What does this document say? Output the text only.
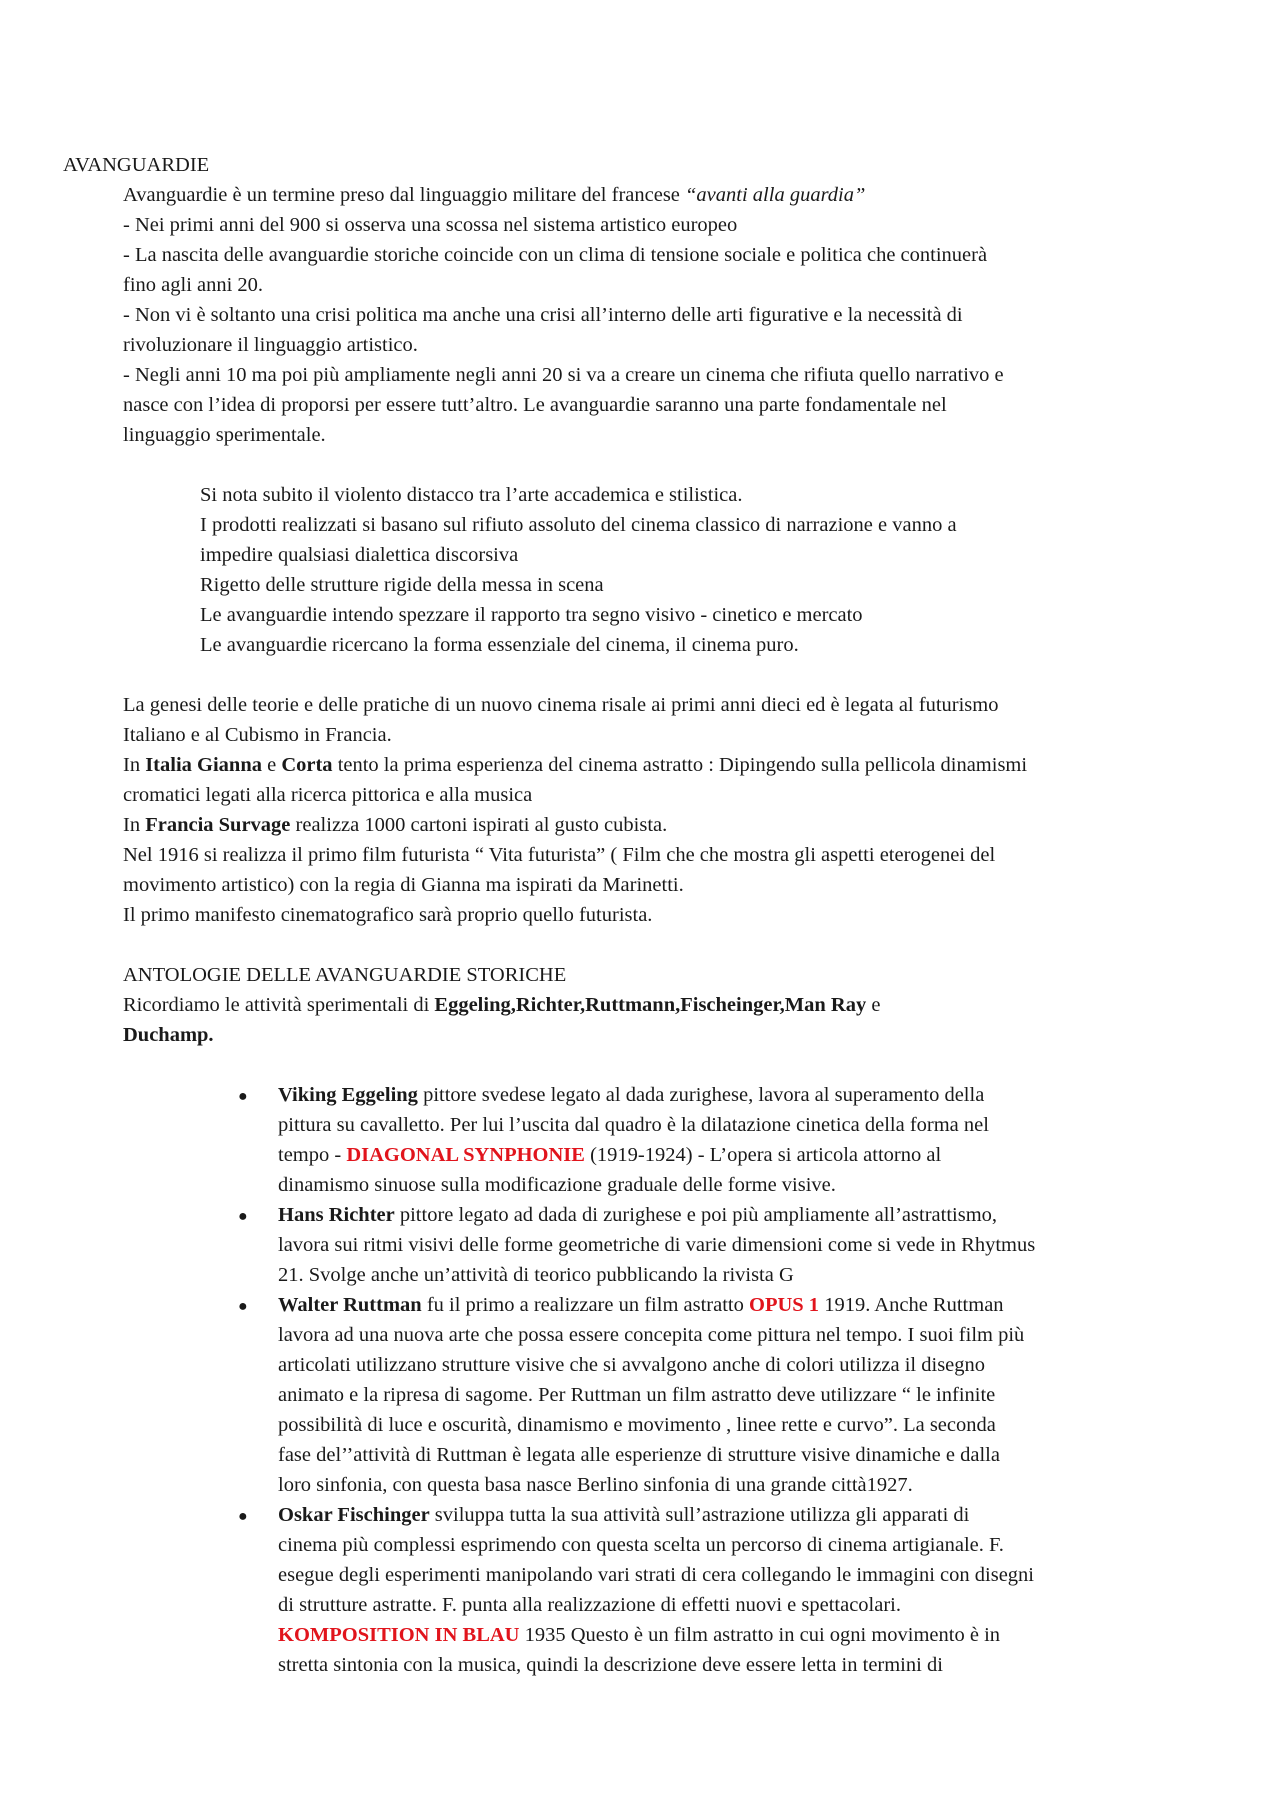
AVANGUARDIE
Avanguardie è un termine preso dal linguaggio militare del francese “avanti alla guardia”
- Nei primi anni del 900 si osserva una scossa nel sistema artistico europeo
- La nascita delle avanguardie storiche coincide con un clima di tensione sociale e politica che continuerà
fino agli anni 20.
- Non vi è soltanto una crisi politica ma anche una crisi all’interno delle arti figurative e la necessità di
rivoluzionare il linguaggio artistico.
- Negli anni 10 ma poi più ampliamente negli anni 20 si va a creare un cinema che rifiuta quello narrativo e
nasce con l’idea di proporsi per essere tutt’altro. Le avanguardie saranno una parte fondamentale nel
linguaggio sperimentale.
Si nota subito il violento distacco tra l’arte accademica e stilistica.
I prodotti realizzati si basano sul rifiuto assoluto del cinema classico di narrazione e vanno a
impedire qualsiasi dialettica discorsiva
Rigetto delle strutture rigide della messa in scena
Le avanguardie intendo spezzare il rapporto tra segno visivo - cinetico e mercato
Le avanguardie ricercano la forma essenziale del cinema, il cinema puro.
La genesi delle teorie e delle pratiche di un nuovo cinema risale ai primi anni dieci ed è legata al futurismo
Italiano e al Cubismo in Francia.
In Italia Gianna e Corta tento la prima esperienza del cinema astratto : Dipingendo sulla pellicola dinamismi
cromatici legati alla ricerca pittorica e alla musica
In Francia Survage realizza 1000 cartoni ispirati al gusto cubista.
Nel 1916 si realizza il primo film futurista “ Vita futurista” ( Film che che mostra gli aspetti eterogenei del
movimento artistico) con la regia di Gianna ma ispirati da Marinetti.
Il primo manifesto cinematografico sarà proprio quello futurista.
ANTOLOGIE DELLE AVANGUARDIE STORICHE
Ricordiamo le attività sperimentali di Eggeling,Richter,Ruttmann,Fischeinger,Man Ray e
Duchamp.
●
Viking Eggeling pittore svedese legato al dada zurighese, lavora al superamento della
pittura su cavalletto. Per lui l’uscita dal quadro è la dilatazione cinetica della forma nel
tempo - DIAGONAL SYNPHONIE (1919-1924) - L’opera si articola attorno al
dinamismo sinuose sulla modificazione graduale delle forme visive.
●
Hans Richter pittore legato ad dada di zurighese e poi più ampliamente all’astrattismo,
lavora sui ritmi visivi delle forme geometriche di varie dimensioni come si vede in Rhytmus
21. Svolge anche un’attività di teorico pubblicando la rivista G
●
Walter Ruttman fu il primo a realizzare un film astratto OPUS 1 1919. Anche Ruttman
lavora ad una nuova arte che possa essere concepita come pittura nel tempo. I suoi film più
articolati utilizzano strutture visive che si avvalgono anche di colori utilizza il disegno
animato e la ripresa di sagome. Per Ruttman un film astratto deve utilizzare “ le infinite
possibilità di luce e oscurità, dinamismo e movimento , linee rette e curvo”. La seconda
fase del’’attività di Ruttman è legata alle esperienze di strutture visive dinamiche e dalla
loro sinfonia, con questa basa nasce Berlino sinfonia di una grande città1927.
●
Oskar Fischinger sviluppa tutta la sua attività sull’astrazione utilizza gli apparati di
cinema più complessi esprimendo con questa scelta un percorso di cinema artigianale. F.
esegue degli esperimenti manipolando vari strati di cera collegando le immagini con disegni
di strutture astratte. F. punta alla realizzazione di effetti nuovi e spettacolari.
KOMPOSITION IN BLAU 1935 Questo è un film astratto in cui ogni movimento è in
stretta sintonia con la musica, quindi la descrizione deve essere letta in termini di
